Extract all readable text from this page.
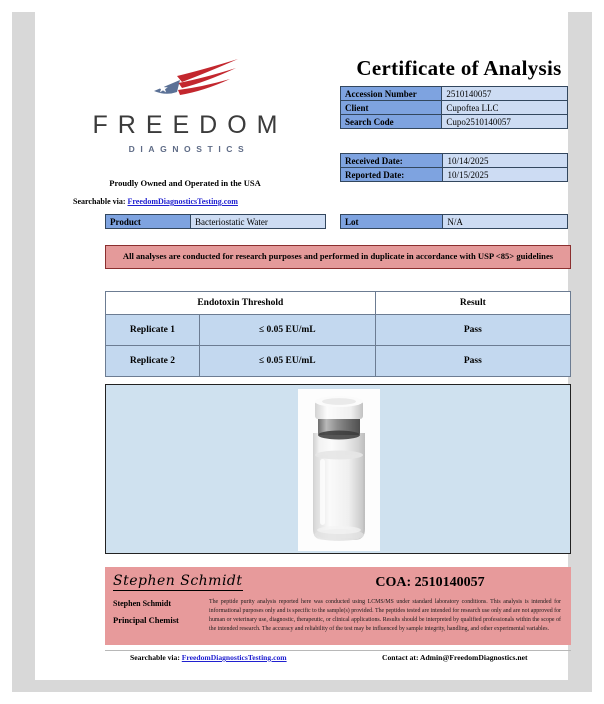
FREEDOM
DIAGNOSTICS
Proudly Owned and Operated in the USA
Searchable via: FreedomDiagnosticsTesting.com
Certificate of Analysis
Accession Number	2510140057
Client	Cupoftea LLC
Search Code	Cupo2510140057
Received Date:	10/14/2025
Reported Date:	10/15/2025
Product	Bacteriostatic Water	Lot	N/A
All analyses are conducted for research purposes and performed in duplicate in accordance with USP <85> guidelines
Endotoxin Threshold		Result
Replicate 1	≤ 0.05 EU/mL	Pass
Replicate 2	≤ 0.05 EU/mL	Pass
Stephen Schmidt	COA: 2510140057
Stephen Schmidt
Principal Chemist
The peptide purity analysis reported here was conducted using LCMS/MS under standard laboratory conditions. This analysis is intended for informational purposes only and is specific to the sample(s) provided. The peptides tested are intended for research use only and are not approved for human or veterinary use, diagnostic, therapeutic, or clinical applications. Results should be interpreted by qualified professionals within the scope of the intended research. The accuracy and reliability of the test may be influenced by sample integrity, handling, and other experimental variables.
Searchable via: FreedomDiagnosticsTesting.com	Contact at: Admin@FreedomDiagnostics.net
